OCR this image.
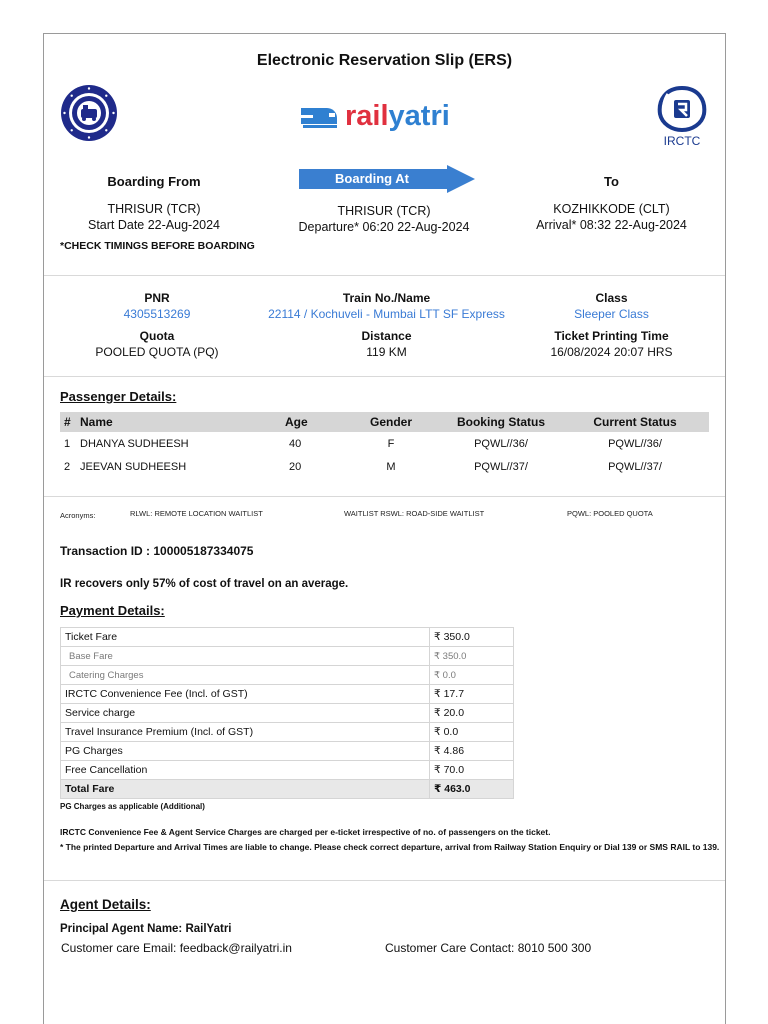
Electronic Reservation Slip (ERS)
railyatri
IRCTC
Boarding From
THRISUR (TCR)
Start Date 22-Aug-2024
Boarding At
THRISUR (TCR)
Departure* 06:20 22-Aug-2024
To
KOZHIKKODE (CLT)
Arrival* 08:32 22-Aug-2024
*CHECK TIMINGS BEFORE BOARDING
PNR
4305513269
Train No./Name
22114 / Kochuveli - Mumbai LTT SF Express
Class
Sleeper Class
Quota
POOLED QUOTA (PQ)
Distance
119 KM
Ticket Printing Time
16/08/2024 20:07 HRS
Passenger Details:
#	Name	Age	Gender	Booking Status	Current Status
1	DHANYA SUDHEESH	40	F	PQWL//36/	PQWL//36/
2	JEEVAN SUDHEESH	20	M	PQWL//37/	PQWL//37/
Acronyms:	RLWL: REMOTE LOCATION WAITLIST	WAITLIST RSWL: ROAD-SIDE WAITLIST	PQWL: POOLED QUOTA
Transaction ID : 100005187334075
IR recovers only 57% of cost of travel on an average.
Payment Details:
Ticket Fare	₹ 350.0
Base Fare	₹ 350.0
Catering Charges	₹ 0.0
IRCTC Convenience Fee (Incl. of GST)	₹ 17.7
Service charge	₹ 20.0
Travel Insurance Premium (Incl. of GST)	₹ 0.0
PG Charges	₹ 4.86
Free Cancellation	₹ 70.0
Total Fare	₹ 463.0
PG Charges as applicable (Additional)
IRCTC Convenience Fee & Agent Service Charges are charged per e-ticket irrespective of no. of passengers on the ticket.
* The printed Departure and Arrival Times are liable to change. Please check correct departure, arrival from Railway Station Enquiry or Dial 139 or SMS RAIL to 139.
Agent Details:
Principal Agent Name: RailYatri
Customer care Email: feedback@railyatri.in	Customer Care Contact: 8010 500 300
